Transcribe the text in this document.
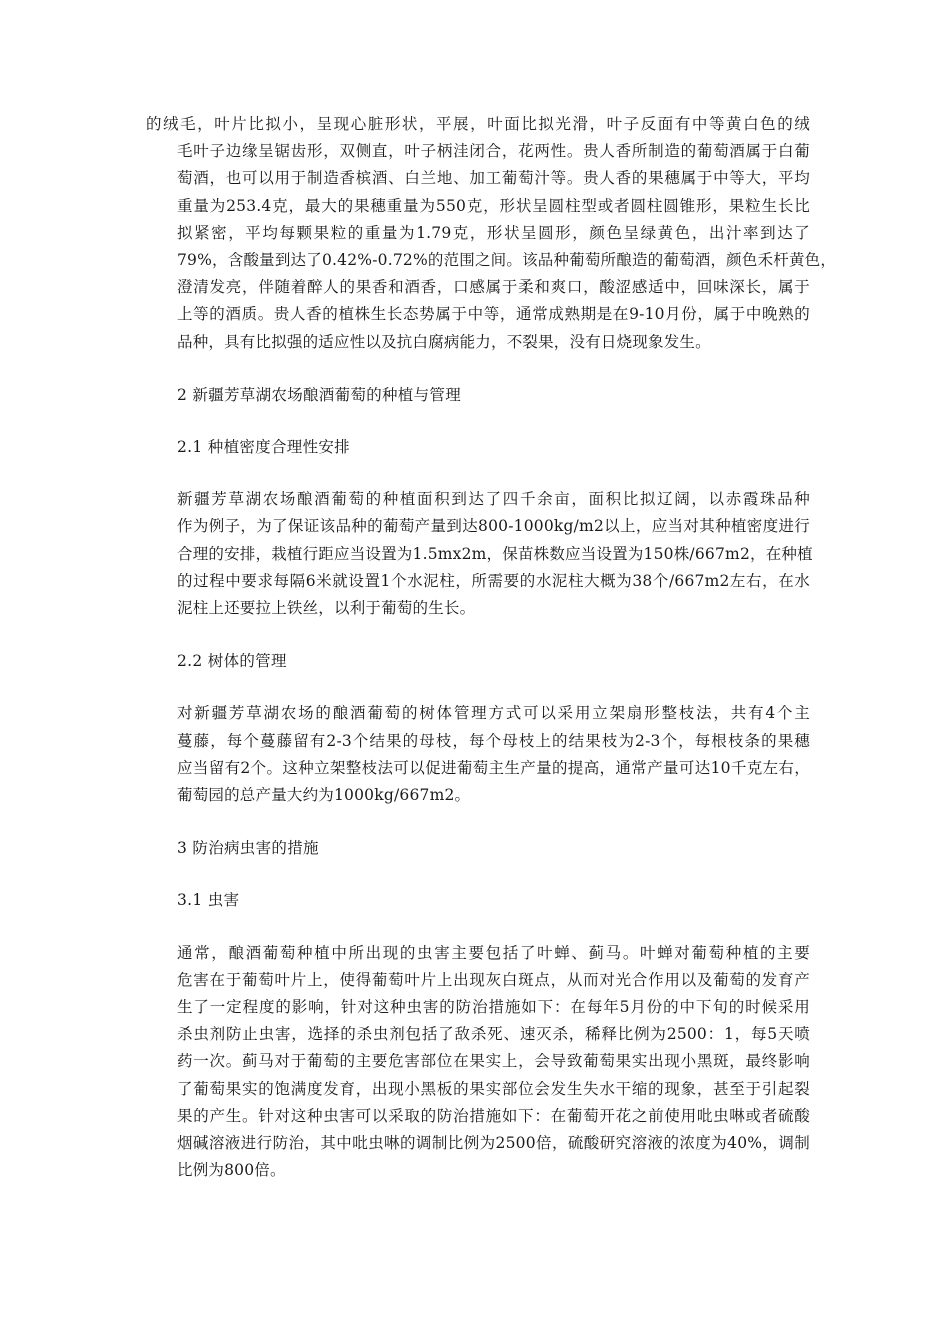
的绒毛，叶片比拟小，呈现心脏形状，平展，叶面比拟光滑，叶子反面有中等黄白色的绒
毛叶子边缘呈锯齿形，双侧直，叶子柄洼闭合，花两性。贵人香所制造的葡萄酒属于白葡
萄酒，也可以用于制造香槟酒、白兰地、加工葡萄汁等。贵人香的果穗属于中等大，平均
重量为253.4克，最大的果穗重量为550克，形状呈圆柱型或者圆柱圆锥形，果粒生长比
拟紧密，平均每颗果粒的重量为1.79克，形状呈圆形，颜色呈绿黄色，出汁率到达了
79%，含酸量到达了0.42%-0.72%的范围之间。该品种葡萄所酿造的葡萄酒，颜色禾杆黄色，
澄清发亮，伴随着醉人的果香和酒香，口感属于柔和爽口，酸涩感适中，回味深长，属于
上等的酒质。贵人香的植株生长态势属于中等，通常成熟期是在9-10月份，属于中晚熟的
品种，具有比拟强的适应性以及抗白腐病能力，不裂果，没有日烧现象发生。

2 新疆芳草湖农场酿酒葡萄的种植与管理

2.1 种植密度合理性安排

新疆芳草湖农场酿酒葡萄的种植面积到达了四千余亩，面积比拟辽阔，以赤霞珠品种
作为例子，为了保证该品种的葡萄产量到达800-1000kg/m2以上，应当对其种植密度进行
合理的安排，栽植行距应当设置为1.5mx2m，保苗株数应当设置为150株/667m2，在种植
的过程中要求每隔6米就设置1个水泥柱，所需要的水泥柱大概为38个/667m2左右，在水
泥柱上还要拉上铁丝，以利于葡萄的生长。

2.2 树体的管理

对新疆芳草湖农场的酿酒葡萄的树体管理方式可以采用立架扇形整枝法，共有4个主
蔓藤，每个蔓藤留有2-3个结果的母枝，每个母枝上的结果枝为2-3个，每根枝条的果穗
应当留有2个。这种立架整枝法可以促进葡萄主生产量的提高，通常产量可达10千克左右，
葡萄园的总产量大约为1000kg/667m2。

3 防治病虫害的措施

3.1 虫害

通常，酿酒葡萄种植中所出现的虫害主要包括了叶蝉、蓟马。叶蝉对葡萄种植的主要
危害在于葡萄叶片上，使得葡萄叶片上出现灰白斑点，从而对光合作用以及葡萄的发育产
生了一定程度的影响，针对这种虫害的防治措施如下：在每年5月份的中下旬的时候采用
杀虫剂防止虫害，选择的杀虫剂包括了敌杀死、速灭杀，稀释比例为2500：1，每5天喷
药一次。蓟马对于葡萄的主要危害部位在果实上，会导致葡萄果实出现小黑斑，最终影响
了葡萄果实的饱满度发育，出现小黑板的果实部位会发生失水干缩的现象，甚至于引起裂
果的产生。针对这种虫害可以采取的防治措施如下：在葡萄开花之前使用吡虫啉或者硫酸
烟碱溶液进行防治，其中吡虫啉的调制比例为2500倍，硫酸研究溶液的浓度为40%，调制
比例为800倍。
